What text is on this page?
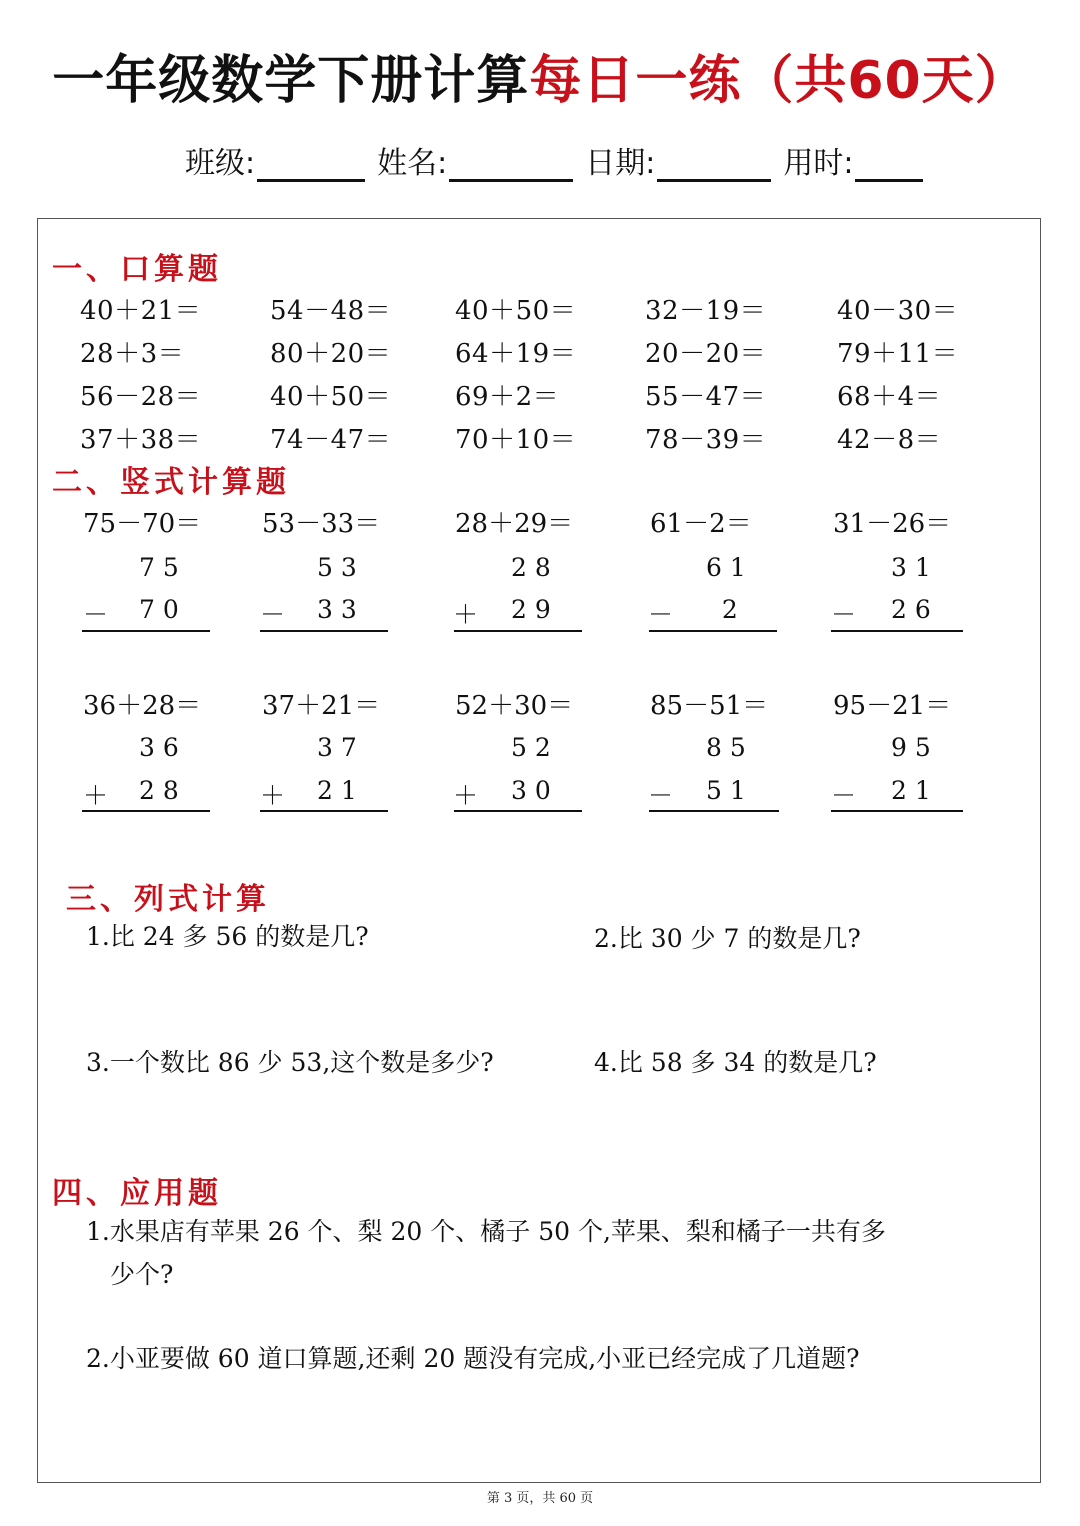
一年级数学下册计算每日一练（共60天）
班级:	姓名:	日期:	用时:
一、口算题
40＋21＝	54－48＝ 40＋50＝	32－19＝	40－30＝
28＋3＝	80＋20＝ 64＋19＝	20－20＝	79＋11＝
56－28＝	40＋50＝ 69＋2＝	55－47＝	68＋4＝
37＋38＝	74－47＝ 70＋10＝	78－39＝	42－8＝
二、竖式计算题
75－70＝
7 5
－ 7 0
53－33＝
5 3
－ 3 3
28＋29＝
2 8
＋ 2 9
61－2＝
6 1
－ 2
31－26＝
3 1
－ 2 6
36＋28＝
3 6
＋ 2 8
37＋21＝
3 7
＋ 2 1
52＋30＝
5 2
＋ 3 0
85－51＝
8 5
－ 5 1
95－21＝
9 5
－ 2 1
三、列式计算
1.比 24 多 56 的数是几?	2.比 30 少 7 的数是几?
3.一个数比 86 少 53,这个数是多少?	4.比 58 多 34 的数是几?
四、应用题
1.水果店有苹果 26 个、梨 20 个、橘子 50 个,苹果、梨和橘子一共有多
少个?
2.小亚要做 60 道口算题,还剩 20 题没有完成,小亚已经完成了几道题?
第 3 页，共 60 页
